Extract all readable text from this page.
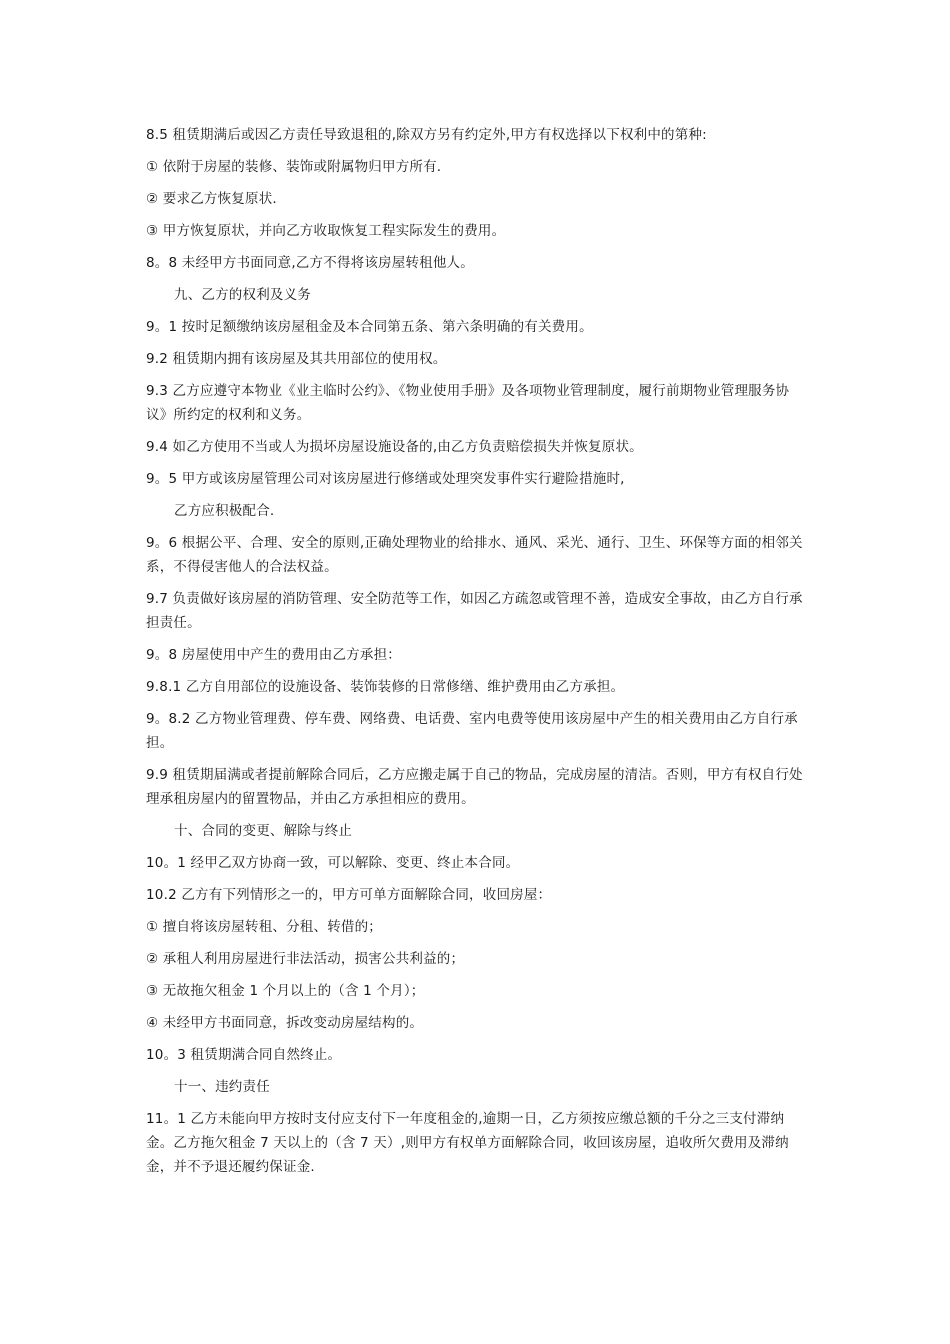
8.5 租赁期满后或因乙方责任导致退租的,除双方另有约定外,甲方有权选择以下权利中的第种:

① 依附于房屋的装修、装饰或附属物归甲方所有.

② 要求乙方恢复原状.

③ 甲方恢复原状，并向乙方收取恢复工程实际发生的费用。

8。8 未经甲方书面同意,乙方不得将该房屋转租他人。

九、乙方的权利及义务

9。1 按时足额缴纳该房屋租金及本合同第五条、第六条明确的有关费用。

9.2 租赁期内拥有该房屋及其共用部位的使用权。

9.3 乙方应遵守本物业《业主临时公约》、《物业使用手册》及各项物业管理制度，履行前期物业管理服务协议》所约定的权利和义务。

9.4 如乙方使用不当或人为损坏房屋设施设备的,由乙方负责赔偿损失并恢复原状。

9。5 甲方或该房屋管理公司对该房屋进行修缮或处理突发事件实行避险措施时,

乙方应积极配合.

9。6 根据公平、合理、安全的原则,正确处理物业的给排水、通风、采光、通行、卫生、环保等方面的相邻关系，不得侵害他人的合法权益。

9.7 负责做好该房屋的消防管理、安全防范等工作，如因乙方疏忽或管理不善，造成安全事故，由乙方自行承担责任。

9。8 房屋使用中产生的费用由乙方承担：

9.8.1 乙方自用部位的设施设备、装饰装修的日常修缮、维护费用由乙方承担。

9。8.2 乙方物业管理费、停车费、网络费、电话费、室内电费等使用该房屋中产生的相关费用由乙方自行承担。

9.9 租赁期届满或者提前解除合同后，乙方应搬走属于自己的物品，完成房屋的清洁。否则，甲方有权自行处理承租房屋内的留置物品，并由乙方承担相应的费用。

十、合同的变更、解除与终止

10。1 经甲乙双方协商一致，可以解除、变更、终止本合同。

10.2 乙方有下列情形之一的，甲方可单方面解除合同，收回房屋：

① 擅自将该房屋转租、分租、转借的；

② 承租人利用房屋进行非法活动，损害公共利益的；

③ 无故拖欠租金 1 个月以上的（含 1 个月）；

④ 未经甲方书面同意，拆改变动房屋结构的。

10。3 租赁期满合同自然终止。

十一、违约责任

11。1 乙方未能向甲方按时支付应支付下一年度租金的,逾期一日，乙方须按应缴总额的千分之三支付滞纳金。乙方拖欠租金 7 天以上的（含 7 天）,则甲方有权单方面解除合同，收回该房屋，追收所欠费用及滞纳金，并不予退还履约保证金.
